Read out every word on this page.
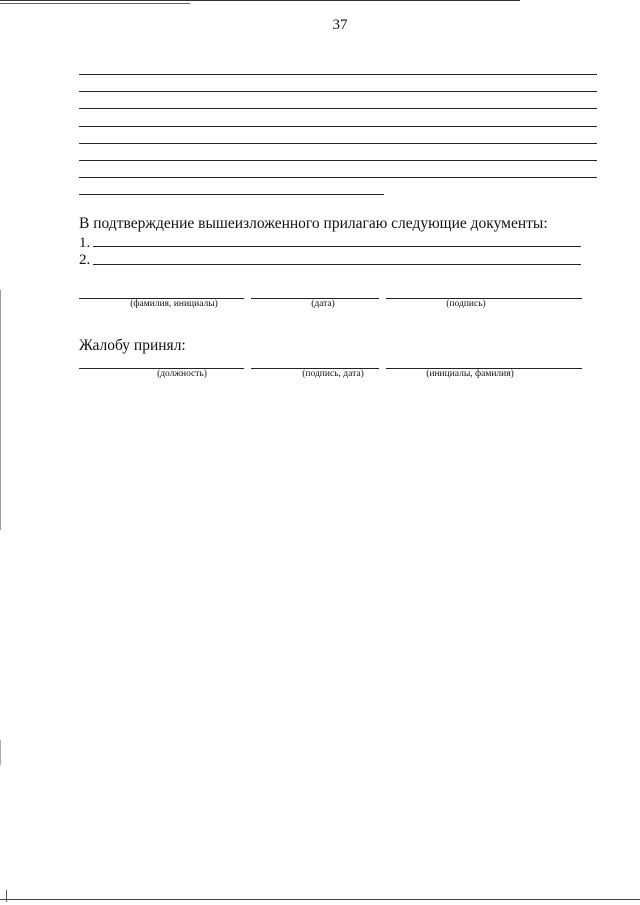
37
В подтверждение вышеизложенного прилагаю следующие документы:
1.
2.
(фамилия, инициалы)	(дата)	(подпись)
Жалобу принял:
(должность)	(подпись, дата)	(инициалы, фамилия)
